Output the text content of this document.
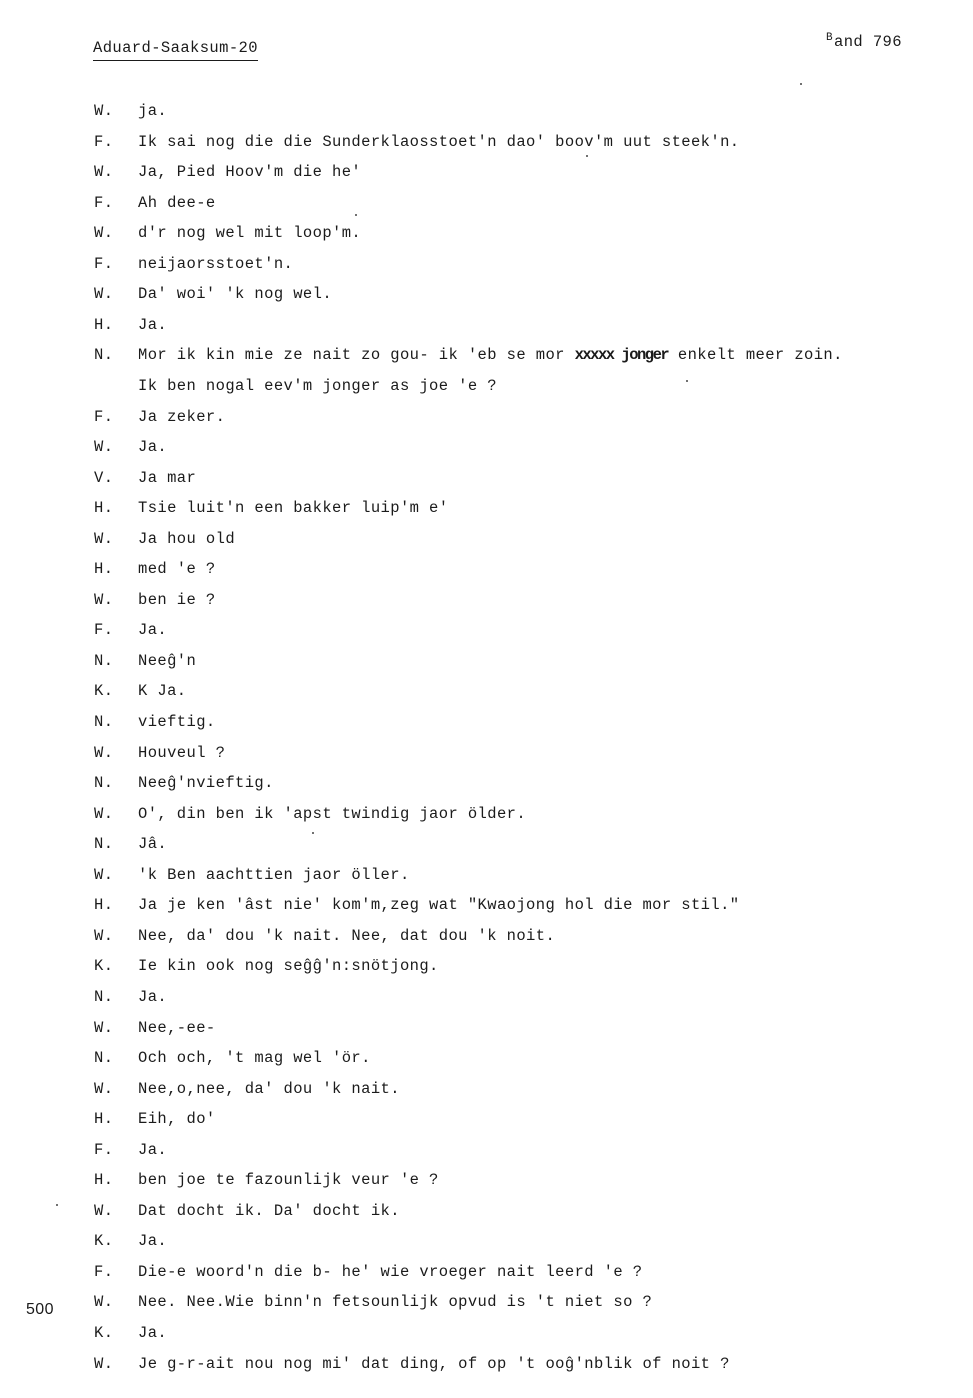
Aduard-Saaksum-20
Band 796
500
W. ja.
F. Ik sai nog die die Sunderklaosstoet'n dao' boov'm uut steek'n.
W. Ja, Pied Hoov'm die he'
F. Ah dee-e
W. d'r nog wel mit loop'm.
F. neijaorsstoet'n.
W. Da' woi' 'k nog wel.
H. Ja.
N. Mor ik kin mie ze nait zo gou- ik 'eb se mor xxxxx jonger enkelt meer zoin.
Ik ben nogal eev'm jonger as joe 'e ?
F. Ja zeker.
W. Ja.
V. Ja mar
H. Tsie luit'n een bakker luip'm e'
W. Ja hou old
H. med 'e ?
W. ben ie ?
F. Ja.
N. Neeĝ'n
K. K Ja.
N. vieftig.
W. Houveul ?
N. Neeĝ'nvieftig.
W. O', din ben ik 'apst twindig jaor ölder.
N. Jâ.
W. 'k Ben aachttien jaor öller.
H. Ja je ken 'âst nie' kom'm,zeg wat "Kwaojong hol die mor stil."
W. Nee, da' dou 'k nait. Nee, dat dou 'k noit.
K. Ie kin ook nog seĝĝ'n:snötjong.
N. Ja.
W. Nee,-ee-
N. Och och, 't mag wel 'ör.
W. Nee,o,nee, da' dou 'k nait.
H. Eih, do'
F. Ja.
H. ben joe te fazounlijk veur 'e ?
W. Dat docht ik. Da' docht ik.
K. Ja.
F. Die-e woord'n die b- he' wie vroeger nait leerd 'e ?
W. Nee. Nee.Wie binn'n fetsounlijk opvud is 't niet so ?
K. Ja.
W. Je g-r-ait nou nog mi' dat ding, of op 't ooĝ'nblik of noit ?
